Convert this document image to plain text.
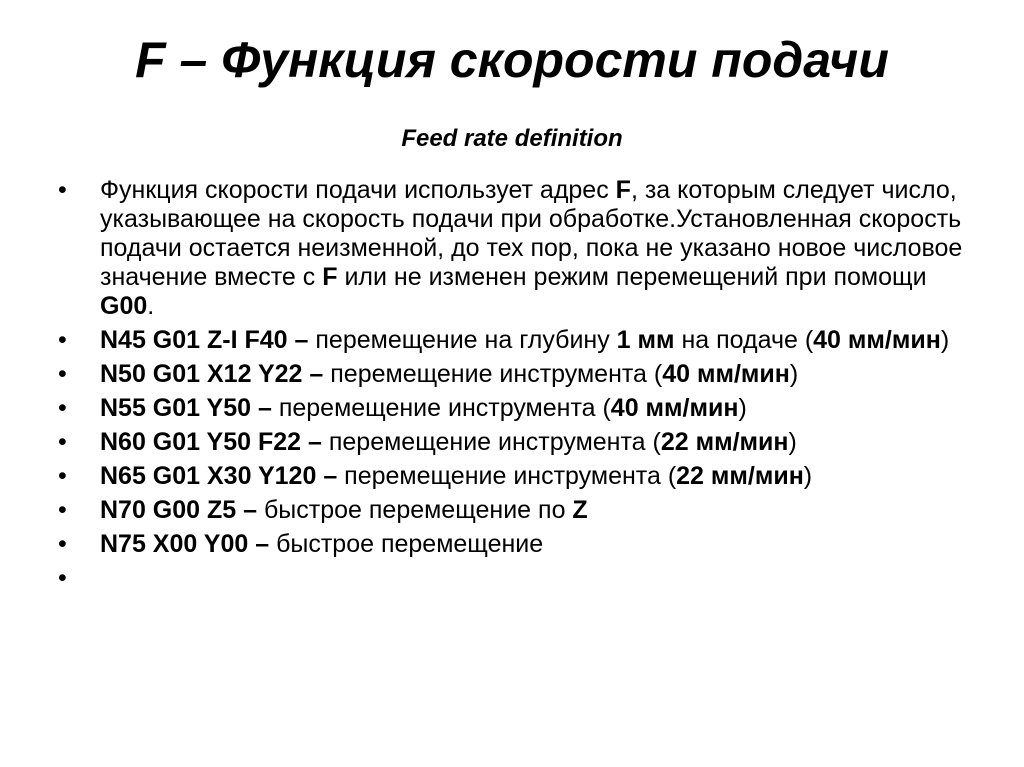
F – Функция скорости подачи
Feed rate definition
•	Функция скорости подачи использует адрес F, за которым следует число, указывающее на скорость подачи при обработке.Установленная скорость подачи остается неизменной, до тех пор, пока не указано новое числовое значение вместе с F или не изменен режим перемещений при помощи G00.
•	N45 G01 Z-I F40 – перемещение на глубину 1 мм на подаче (40 мм/мин)
•	N50 G01 X12 Y22 – перемещение инструмента (40 мм/мин)
•	N55 G01 Y50 – перемещение инструмента (40 мм/мин)
•	N60 G01 Y50 F22 – перемещение инструмента (22 мм/мин)
•	N65 G01 X30 Y120 – перемещение инструмента (22 мм/мин)
•	N70 G00 Z5 – быстрое перемещение по Z
•	N75 X00 Y00 – быстрое перемещение
•
